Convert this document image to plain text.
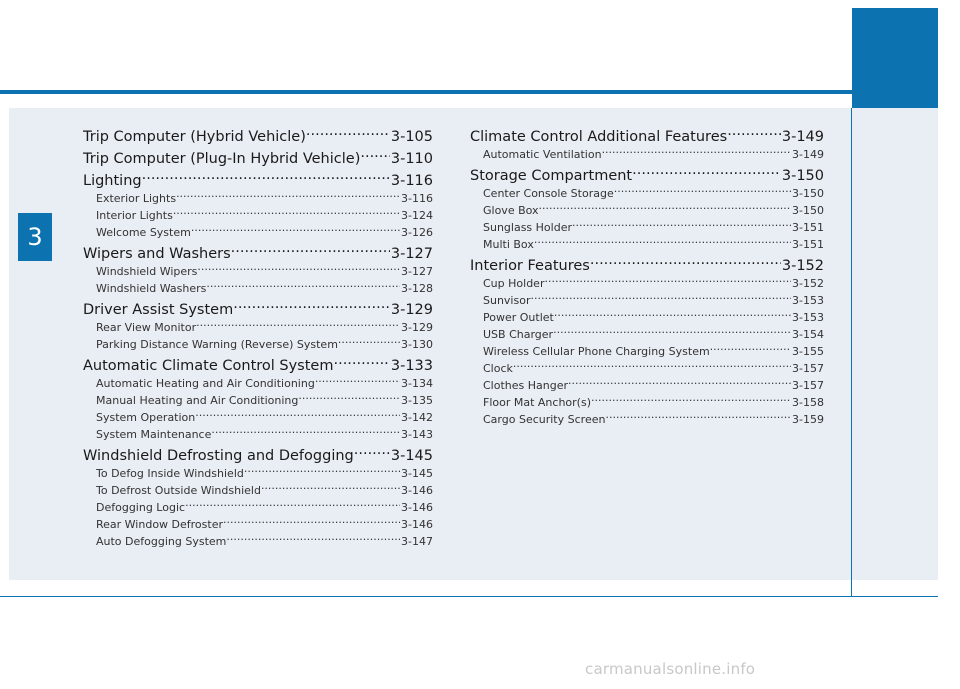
3
Trip Computer (Hybrid Vehicle) .....	3-105
Trip Computer (Plug-In Hybrid Vehicle) ..... 3-110
Lighting .....	3-116
Exterior Lights .....	3-116
Interior Lights .....	3-124
Welcome System .....	3-126
Wipers and Washers .....	3-127
Windshield Wipers .....	3-127
Windshield Washers .....	3-128
Driver Assist System .....	3-129
Rear View Monitor .....	3-129
Parking Distance Warning (Reverse) System .....	3-130
Automatic Climate Control System .....	3-133
Automatic Heating and Air Conditioning .....	3-134
Manual Heating and Air Conditioning .....	3-135
System Operation .....	3-142
System Maintenance .....	3-143
Windshield Defrosting and Defogging .....	3-145
To Defog Inside Windshield .....	3-145
To Defrost Outside Windshield .....	3-146
Defogging Logic .....	3-146
Rear Window Defroster .....	3-146
Auto Defogging System .....	3-147
Climate Control Additional Features .....	3-149
Automatic Ventilation .....	3-149
Storage Compartment .....	3-150
Center Console Storage .....	3-150
Glove Box .....	3-150
Sunglass Holder .....	3-151
Multi Box .....	3-151
Interior Features .....	3-152
Cup Holder .....	3-152
Sunvisor .....	3-153
Power Outlet .....	3-153
USB Charger .....	3-154
Wireless Cellular Phone Charging System .....	3-155
Clock .....	3-157
Clothes Hanger .....	3-157
Floor Mat Anchor(s) .....	3-158
Cargo Security Screen .....	3-159
carmanualsonline.info
